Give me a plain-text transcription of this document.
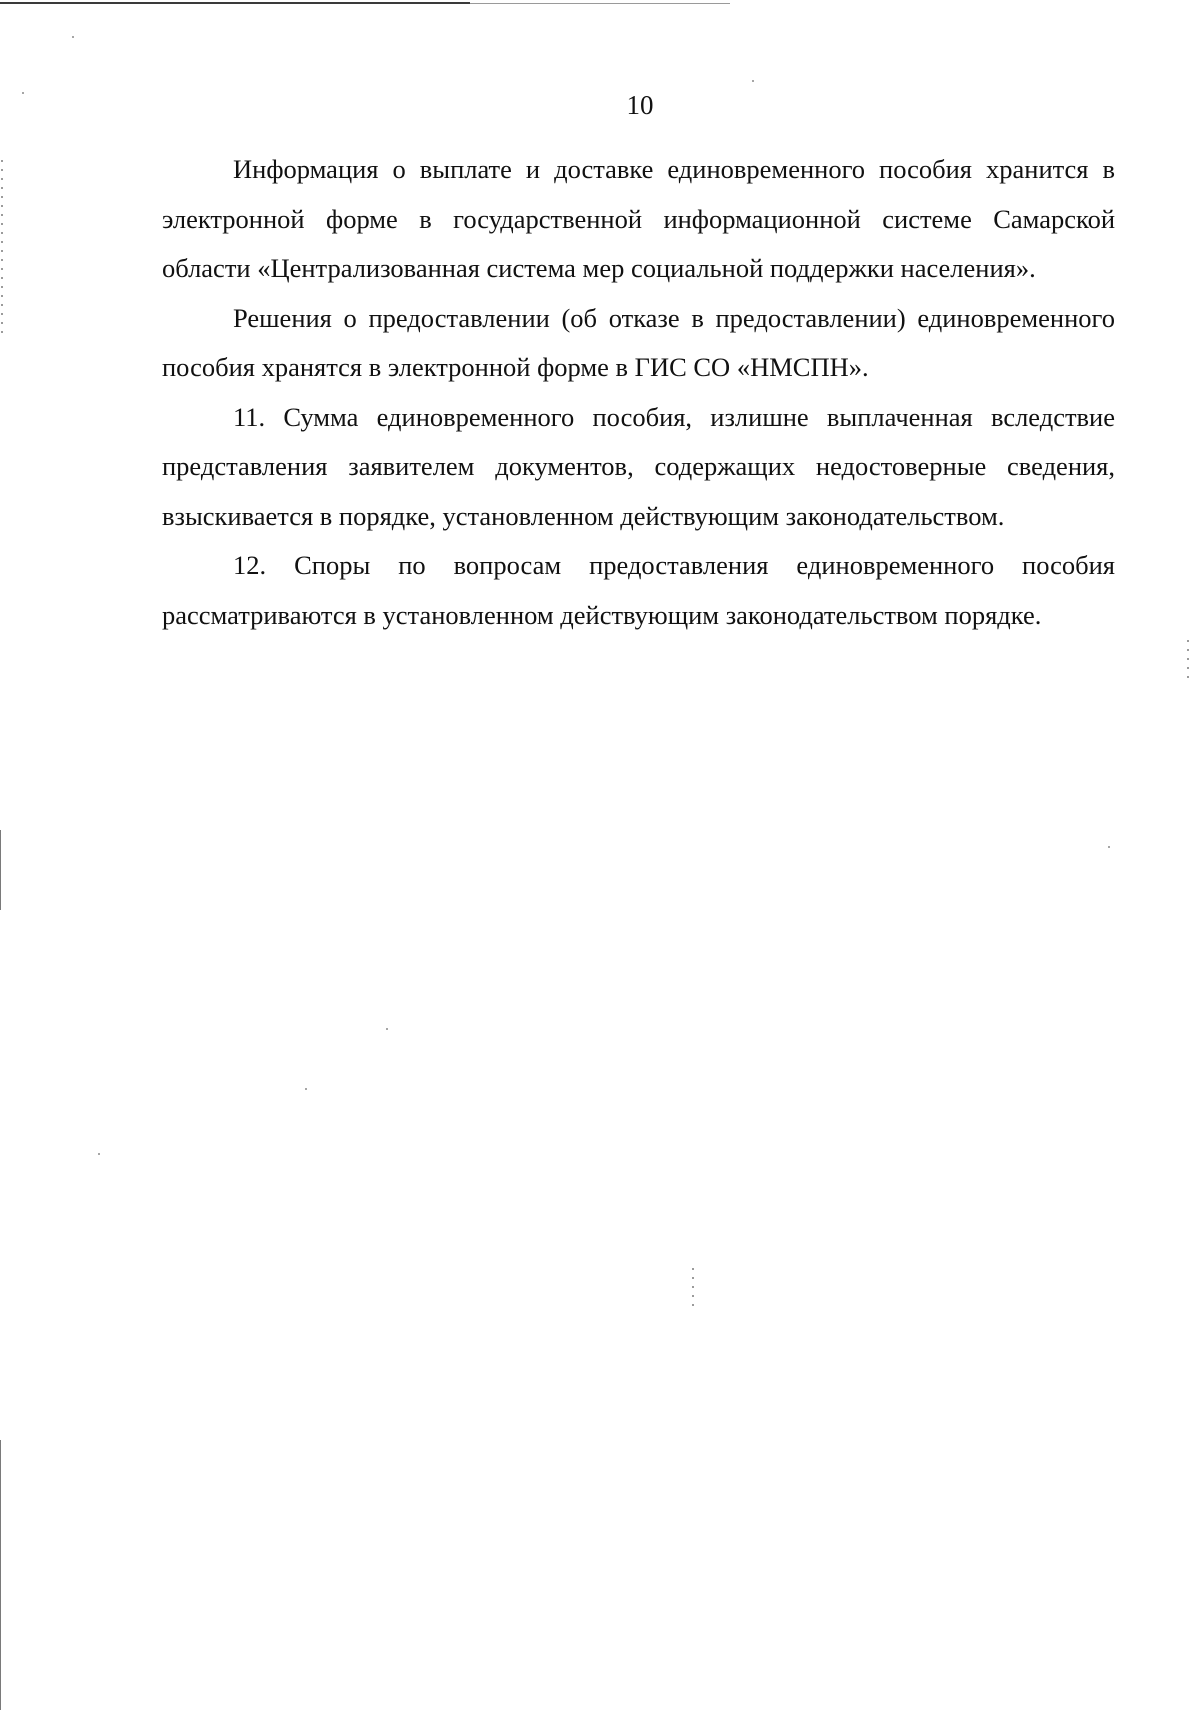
10

Информация о выплате и доставке единовременного пособия хранится в электронной форме в государственной информационной системе Самарской области «Централизованная система мер социальной поддержки населения».

Решения о предоставлении (об отказе в предоставлении) единовременного пособия хранятся в электронной форме в ГИС СО «НМСПН».

11. Сумма единовременного пособия, излишне выплаченная вследствие представления заявителем документов, содержащих недостоверные сведения, взыскивается в порядке, установленном действующим законодательством.

12. Споры по вопросам предоставления единовременного пособия рассматриваются в установленном действующим законодательством порядке.
